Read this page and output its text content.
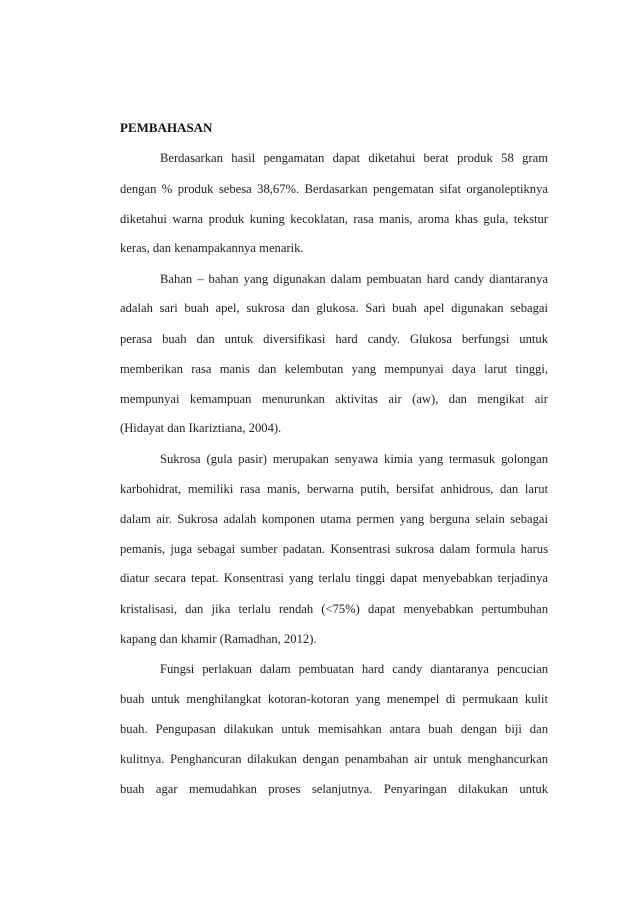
PEMBAHASAN
Berdasarkan hasil pengamatan dapat diketahui berat produk 58 gram
dengan % produk sebesa 38,67%. Berdasarkan pengematan sifat organoleptiknya
diketahui warna produk kuning kecoklatan, rasa manis, aroma khas gula, tekstur
keras, dan kenampakannya menarik.
Bahan – bahan yang digunakan dalam pembuatan hard candy diantaranya
adalah sari buah apel, sukrosa dan glukosa. Sari buah apel digunakan sebagai
perasa buah dan untuk diversifikasi hard candy. Glukosa berfungsi untuk
memberikan rasa manis dan kelembutan yang mempunyai daya larut tinggi,
mempunyai kemampuan menurunkan aktivitas air (aw), dan mengikat air
(Hidayat dan Ikariztiana, 2004).
Sukrosa (gula pasir) merupakan senyawa kimia yang termasuk golongan
karbohidrat, memiliki rasa manis, berwarna putih, bersifat anhidrous, dan larut
dalam air. Sukrosa adalah komponen utama permen yang berguna selain sebagai
pemanis, juga sebagai sumber padatan. Konsentrasi sukrosa dalam formula harus
diatur secara tepat. Konsentrasi yang terlalu tinggi dapat menyebabkan terjadinya
kristalisasi, dan jika terlalu rendah (<75%) dapat menyebabkan pertumbuhan
kapang dan khamir (Ramadhan, 2012).
Fungsi perlakuan dalam pembuatan hard candy diantaranya pencucian
buah untuk menghilangkat kotoran-kotoran yang menempel di permukaan kulit
buah. Pengupasan dilakukan untuk memisahkan antara buah dengan biji dan
kulitnya. Penghancuran dilakukan dengan penambahan air untuk menghancurkan
buah agar memudahkan proses selanjutnya. Penyaringan dilakukan untuk
